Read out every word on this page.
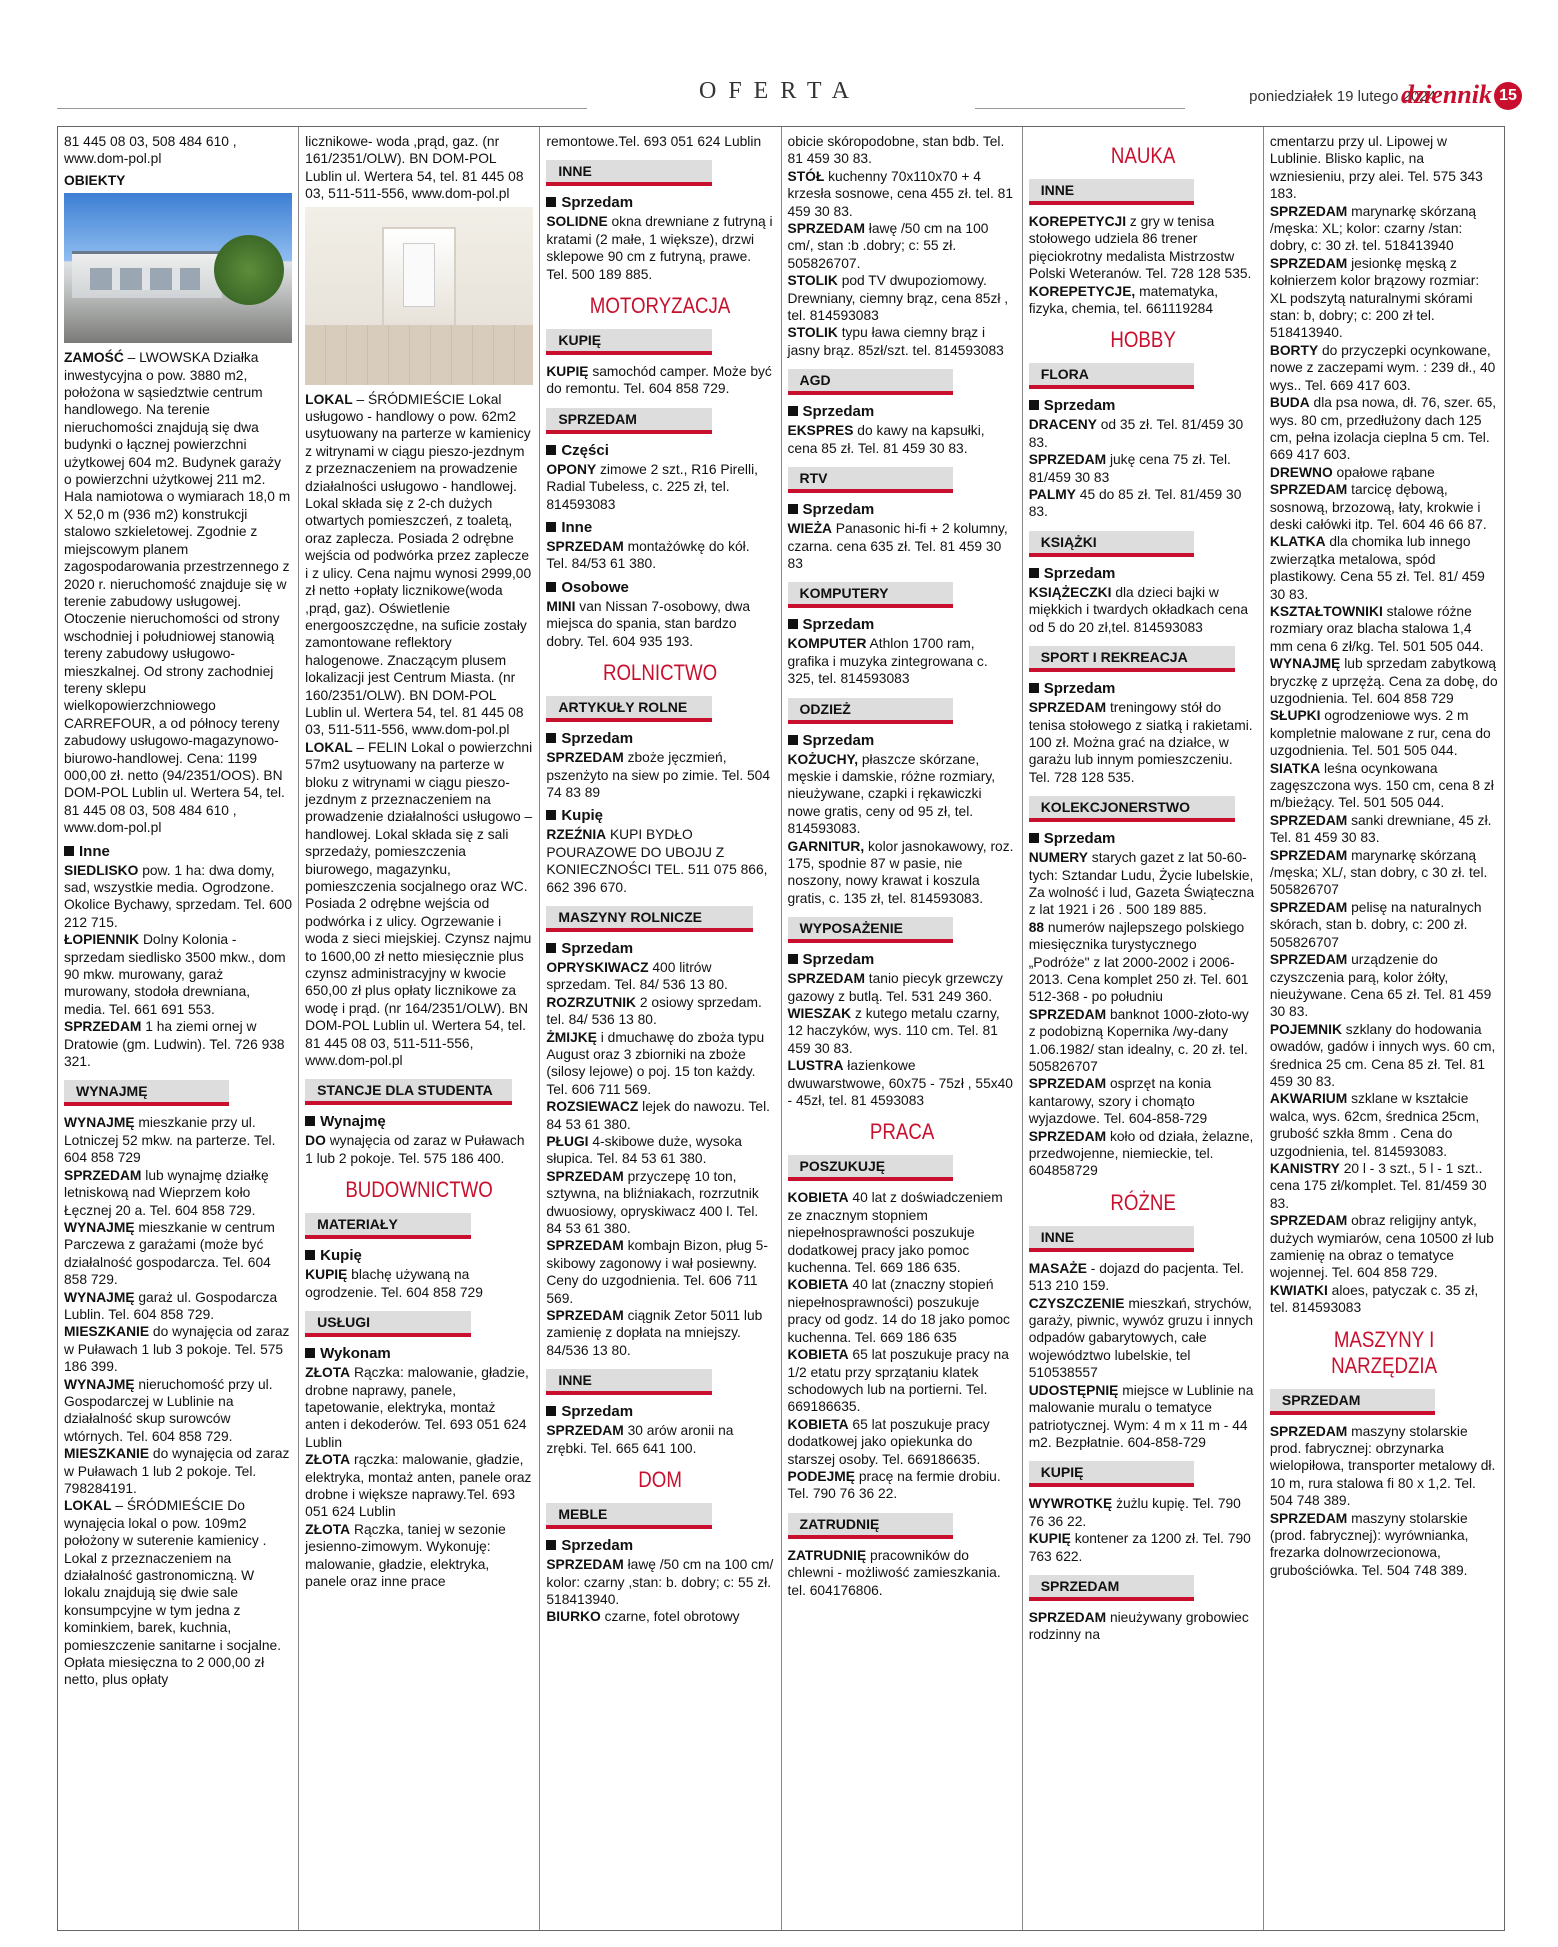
OFERTA	poniedziałek 19 lutego 2024
dziennik 15

81 445 08 03, 508 484 610 , www.dom-pol.pl

OBIEKTY

ZAMOŚĆ – LWOWSKA Działka inwestycyjna o pow. 3880 m2, położona w sąsiedztwie centrum handlowego. Na terenie nieruchomości znajdują się dwa budynki o łącznej powierzchni użytkowej 604 m2. Budynek garaży o powierzchni użytkowej 211 m2. Hala namiotowa o wymiarach 18,0 m X 52,0 m (936 m2) konstrukcji stalowo szkieletowej. Zgodnie z miejscowym planem zagospodarowania przestrzennego z 2020 r. nieruchomość znajduje się w terenie zabudowy usługowej. Otoczenie nieruchomości od strony wschodniej i południowej stanowią tereny zabudowy usługowo-mieszkalnej. Od strony zachodniej tereny sklepu wielkopowierzchniowego CARREFOUR, a od północy tereny zabudowy usługowo-magazynowo-biurowo-handlowej. Cena: 1199 000,00 zł. netto (94/2351/OOS). BN DOM-POL Lublin ul. Wertera 54, tel. 81 445 08 03, 508 484 610 , www.dom-pol.pl

Inne

SIEDLISKO pow. 1 ha: dwa domy, sad, wszystkie media. Ogrodzone. Okolice Bychawy, sprzedam. Tel. 600 212 715.

ŁOPIENNIK Dolny Kolonia - sprzedam siedlisko 3500 mkw., dom 90 mkw. murowany, garaż murowany, stodoła drewniana, media. Tel. 661 691 553.

SPRZEDAM 1 ha ziemi ornej w Dratowie (gm. Ludwin). Tel. 726 938 321.

WYNAJMĘ

WYNAJMĘ mieszkanie przy ul. Lotniczej 52 mkw. na parterze. Tel. 604 858 729

SPRZEDAM lub wynajmę działkę letniskową nad Wieprzem koło Łęcznej 20 a. Tel. 604 858 729.

WYNAJMĘ mieszkanie w centrum Parczewa z garażami (może być działalność gospodarcza. Tel. 604 858 729.

WYNAJMĘ garaż ul. Gospodarcza Lublin. Tel. 604 858 729.

MIESZKANIE do wynajęcia od zaraz w Puławach 1 lub 3 pokoje. Tel. 575 186 399.

WYNAJMĘ nieruchomość przy ul. Gospodarczej w Lublinie na działalność skup surowców wtórnych. Tel. 604 858 729.

MIESZKANIE do wynajęcia od zaraz w Puławach 1 lub 2 pokoje. Tel. 798284191.

LOKAL – ŚRÓDMIEŚCIE Do wynajęcia lokal o pow. 109m2 położony w suterenie kamienicy . Lokal z przeznaczeniem na działalność gastronomiczną. W lokalu znajdują się dwie sale konsumpcyjne w tym jedna z kominkiem, barek, kuchnia, pomieszczenie sanitarne i socjalne. Opłata miesięczna to 2 000,00 zł netto, plus opłaty

licznikowe- woda ,prąd, gaz. (nr 161/2351/OLW). BN DOM-POL Lublin ul. Wertera 54, tel. 81 445 08 03, 511-511-556, www.dom-pol.pl

LOKAL – ŚRÓDMIEŚCIE Lokal usługowo - handlowy o pow. 62m2 usytuowany na parterze w kamienicy z witrynami w ciągu pieszo-jezdnym z przeznaczeniem na prowadzenie działalności usługowo - handlowej. Lokal składa się z 2-ch dużych otwartych pomieszczeń, z toaletą, oraz zaplecza. Posiada 2 odrębne wejścia od podwórka przez zaplecze i z ulicy. Cena najmu wynosi 2999,00 zł netto +opłaty licznikowe(woda ,prąd, gaz). Oświetlenie energooszczędne, na suficie zostały zamontowane reflektory halogenowe. Znaczącym plusem lokalizacji jest Centrum Miasta. (nr 160/2351/OLW). BN DOM-POL Lublin ul. Wertera 54, tel. 81 445 08 03, 511-511-556, www.dom-pol.pl

LOKAL – FELIN Lokal o powierzchni 57m2 usytuowany na parterze w bloku z witrynami w ciągu pieszo-jezdnym z przeznaczeniem na prowadzenie działalności usługowo – handlowej. Lokal składa się z sali sprzedaży, pomieszczenia biurowego, magazynku, pomieszczenia socjalnego oraz WC. Posiada 2 odrębne wejścia od podwórka i z ulicy. Ogrzewanie i woda z sieci miejskiej. Czynsz najmu to 1600,00 zł netto miesięcznie plus czynsz administracyjny w kwocie 650,00 zł plus opłaty licznikowe za wodę i prąd. (nr 164/2351/OLW). BN DOM-POL Lublin ul. Wertera 54, tel. 81 445 08 03, 511-511-556, www.dom-pol.pl

STANCJE DLA STUDENTA
Wynajmę

DO wynajęcia od zaraz w Puławach 1 lub 2 pokoje. Tel. 575 186 400.

BUDOWNICTWO
MATERIAŁY
Kupię

KUPIĘ blachę używaną na ogrodzenie. Tel. 604 858 729

USŁUGI
Wykonam

ZŁOTA Rączka: malowanie, gładzie, drobne naprawy, panele, tapetowanie, elektryka, montaż anten i dekoderów. Tel. 693 051 624 Lublin

ZŁOTA rączka: malowanie, gładzie, elektryka, montaż anten, panele oraz drobne i większe naprawy.Tel. 693 051 624 Lublin

ZŁOTA Rączka, taniej w sezonie jesienno-zimowym. Wykonuję: malowanie, gładzie, elektryka, panele oraz inne prace

remontowe.Tel. 693 051 624 Lublin

INNE
Sprzedam

SOLIDNE okna drewniane z futryną i kratami (2 małe, 1 większe), drzwi sklepowe 90 cm z futryną, prawe. Tel. 500 189 885.

MOTORYZACJA
KUPIĘ

KUPIĘ samochód camper. Może być do remontu. Tel. 604 858 729.

SPRZEDAM
Części

OPONY zimowe 2 szt., R16 Pirelli, Radial Tubeless, c. 225 zł, tel. 814593083

Inne

SPRZEDAM montażówkę do kół. Tel. 84/53 61 380.

Osobowe

MINI van Nissan 7-osobowy, dwa miejsca do spania, stan bardzo dobry. Tel. 604 935 193.

ROLNICTWO
ARTYKUŁY ROLNE
Sprzedam

SPRZEDAM zboże jęczmień, pszenżyto na siew po zimie. Tel. 504 74 83 89

Kupię

RZEŹNIA KUPI BYDŁO POURAZOWE DO UBOJU Z KONIECZNOŚCI TEL. 511 075 866, 662 396 670.

MASZYNY ROLNICZE
Sprzedam

OPRYSKIWACZ 400 litrów sprzedam. Tel. 84/ 536 13 80.

ROZRZUTNIK 2 osiowy sprzedam. tel. 84/ 536 13 80.

ŻMIJKĘ i dmuchawę do zboża typu August oraz 3 zbiorniki na zboże (silosy lejowe) o poj. 15 ton każdy. Tel. 606 711 569.

ROZSIEWACZ lejek do nawozu. Tel. 84 53 61 380.

PŁUGI 4-skibowe duże, wysoka słupica. Tel. 84 53 61 380.

SPRZEDAM przyczepę 10 ton, sztywna, na bliźniakach, rozrzutnik dwuosiowy, opryskiwacz 400 l. Tel. 84 53 61 380.

SPRZEDAM kombajn Bizon, pług 5-skibowy zagonowy i wał posiewny. Ceny do uzgodnienia. Tel. 606 711 569.

SPRZEDAM ciągnik Zetor 5011 lub zamienię z dopłata na mniejszy. 84/536 13 80.

INNE
Sprzedam

SPRZEDAM 30 arów aronii na zrębki. Tel. 665 641 100.

DOM
MEBLE
Sprzedam

SPRZEDAM ławę /50 cm na 100 cm/ kolor: czarny ,stan: b. dobry; c: 55 zł. 518413940.

BIURKO czarne, fotel obrotowy

obicie skóropodobne, stan bdb. Tel. 81 459 30 83.

STÓŁ kuchenny 70x110x70 + 4 krzesła sosnowe, cena 455 zł. tel. 81 459 30 83.

SPRZEDAM ławę /50 cm na 100 cm/, stan :b .dobry; c: 55 zł. 505826707.

STOLIK pod TV dwupoziomowy. Drewniany, ciemny brąz, cena 85zł , tel. 814593083

STOLIK typu ława ciemny brąz i jasny brąz. 85zł/szt. tel. 814593083

AGD
Sprzedam

EKSPRES do kawy na kapsułki, cena 85 zł. Tel. 81 459 30 83.

RTV
Sprzedam

WIEŻA Panasonic hi-fi + 2 kolumny, czarna. cena 635 zł. Tel. 81 459 30 83

KOMPUTERY
Sprzedam

KOMPUTER Athlon 1700 ram, grafika i muzyka zintegrowana c. 325, tel. 814593083

ODZIEŻ
Sprzedam

KOŻUCHY, płaszcze skórzane, męskie i damskie, różne rozmiary, nieużywane, czapki i rękawiczki nowe gratis, ceny od 95 zł, tel. 814593083.

GARNITUR, kolor jasnokawowy, roz. 175, spodnie 87 w pasie, nie noszony, nowy krawat i koszula gratis, c. 135 zł, tel. 814593083.

WYPOSAŻENIE
Sprzedam

SPRZEDAM tanio piecyk grzewczy gazowy z butlą. Tel. 531 249 360.

WIESZAK z kutego metalu czarny, 12 haczyków, wys. 110 cm. Tel. 81 459 30 83.

LUSTRA łazienkowe dwuwarstwowe, 60x75 - 75zł , 55x40 - 45zł, tel. 81 4593083

PRACA
POSZUKUJĘ

KOBIETA 40 lat z doświadczeniem ze znacznym stopniem niepełnosprawności poszukuje dodatkowej pracy jako pomoc kuchenna. Tel. 669 186 635.

KOBIETA 40 lat (znaczny stopień niepełnosprawności) poszukuje pracy od godz. 14 do 18 jako pomoc kuchenna. Tel. 669 186 635

KOBIETA 65 lat poszukuje pracy na 1/2 etatu przy sprzątaniu klatek schodowych lub na portierni. Tel. 669186635.

KOBIETA 65 lat poszukuje pracy dodatkowej jako opiekunka do starszej osoby. Tel. 669186635.

PODEJMĘ pracę na fermie drobiu. Tel. 790 76 36 22.

ZATRUDNIĘ

ZATRUDNIĘ pracowników do chlewni - możliwość zamieszkania. tel. 604176806.

NAUKA
INNE

KOREPETYCJI z gry w tenisa stołowego udziela 86 trener pięciokrotny medalista Mistrzostw Polski Weteranów. Tel. 728 128 535.

KOREPETYCJE, matematyka, fizyka, chemia, tel. 661119284

HOBBY
FLORA
Sprzedam

DRACENY od 35 zł. Tel. 81/459 30 83.

SPRZEDAM jukę cena 75 zł. Tel. 81/459 30 83

PALMY 45 do 85 zł. Tel. 81/459 30 83.

KSIĄŻKI
Sprzedam

KSIĄŻECZKI dla dzieci bajki w miękkich i twardych okładkach cena od 5 do 20 zł,tel. 814593083

SPORT I REKREACJA
Sprzedam

SPRZEDAM treningowy stół do tenisa stołowego z siatką i rakietami. 100 zł. Można grać na działce, w garażu lub innym pomieszczeniu. Tel. 728 128 535.

KOLEKCJONERSTWO
Sprzedam

NUMERY starych gazet z lat 50-60-tych: Sztandar Ludu, Życie lubelskie, Za wolność i lud, Gazeta Świąteczna z lat 1921 i 26 . 500 189 885.

88 numerów najlepszego polskiego miesięcznika turystycznego „Podróże" z lat 2000-2002 i 2006-2013. Cena komplet 250 zł. Tel. 601 512-368 - po południu

SPRZEDAM banknot 1000-złoto-wy z podobizną Kopernika /wy-dany 1.06.1982/ stan idealny, c. 20 zł. tel. 505826707

SPRZEDAM osprzęt na konia kantarowy, szory i chomąto wyjazdowe. Tel. 604-858-729

SPRZEDAM koło od działa, żelazne, przedwojenne, niemieckie, tel. 604858729

RÓŻNE
INNE

MASAŻE - dojazd do pacjenta. Tel. 513 210 159.

CZYSZCZENIE mieszkań, strychów, garaży, piwnic, wywóz gruzu i innych odpadów gabarytowych, całe województwo lubelskie, tel 510538557

UDOSTĘPNIĘ miejsce w Lublinie na malowanie muralu o tematyce patriotycznej. Wym: 4 m x 11 m - 44 m2. Bezpłatnie. 604-858-729

KUPIĘ

WYWROTKĘ żużlu kupię. Tel. 790 76 36 22.

KUPIĘ kontener za 1200 zł. Tel. 790 763 622.

SPRZEDAM

SPRZEDAM nieużywany grobowiec rodzinny na

cmentarzu przy ul. Lipowej w Lublinie. Blisko kaplic, na wzniesieniu, przy alei. Tel. 575 343 183.

SPRZEDAM marynarkę skórzaną /męska: XL; kolor: czarny /stan: dobry, c: 30 zł. tel. 518413940

SPRZEDAM jesionkę męską z kołnierzem kolor brązowy rozmiar: XL podszytą naturalnymi skórami stan: b, dobry; c: 200 zł tel. 518413940.

BORTY do przyczepki ocynkowane, nowe z zaczepami wym. : 239 dł., 40 wys.. Tel. 669 417 603.

BUDA dla psa nowa, dł. 76, szer. 65, wys. 80 cm, przedłużony dach 125 cm, pełna izolacja cieplna 5 cm. Tel. 669 417 603.

DREWNO opałowe rąbane

SPRZEDAM tarcicę dębową, sosnową, brzozową, łaty, krokwie i deski całówki itp. Tel. 604 46 66 87.

KLATKA dla chomika lub innego zwierzątka metalowa, spód plastikowy. Cena 55 zł. Tel. 81/ 459 30 83.

KSZTAŁTOWNIKI stalowe różne rozmiary oraz blacha stalowa 1,4 mm cena 6 zł/kg. Tel. 501 505 044.

WYNAJMĘ lub sprzedam zabytkową bryczkę z uprzężą. Cena za dobę, do uzgodnienia. Tel. 604 858 729

SŁUPKI ogrodzeniowe wys. 2 m kompletnie malowane z rur, cena do uzgodnienia. Tel. 501 505 044.

SIATKA leśna ocynkowana zagęszczona wys. 150 cm, cena 8 zł m/bieżący. Tel. 501 505 044.

SPRZEDAM sanki drewniane, 45 zł. Tel. 81 459 30 83.

SPRZEDAM marynarkę skórzaną /męska; XL/, stan dobry, c 30 zł. tel. 505826707

SPRZEDAM pelisę na naturalnych skórach, stan b. dobry, c: 200 zł. 505826707

SPRZEDAM urządzenie do czyszczenia parą, kolor żółty, nieużywane. Cena 65 zł. Tel. 81 459 30 83.

POJEMNIK szklany do hodowania owadów, gadów i innych wys. 60 cm, średnica 25 cm. Cena 85 zł. Tel. 81 459 30 83.

AKWARIUM szklane w kształcie walca, wys. 62cm, średnica 25cm, grubość szkła 8mm . Cena do uzgodnienia, tel. 814593083.

KANISTRY 20 l - 3 szt., 5 l - 1 szt.. cena 175 zł/komplet. Tel. 81/459 30 83.

SPRZEDAM obraz religijny antyk, dużych wymiarów, cena 10500 zł lub zamienię na obraz o tematyce wojennej. Tel. 604 858 729.

KWIATKI aloes, patyczak c. 35 zł, tel. 814593083

MASZYNY I NARZĘDZIA
SPRZEDAM

SPRZEDAM maszyny stolarskie prod. fabrycznej: obrzynarka wielopiłowa, transporter metalowy dł. 10 m, rura stalowa fi 80 x 1,2. Tel. 504 748 389.

SPRZEDAM maszyny stolarskie (prod. fabrycznej): wyrównianka, frezarka dolnowrzecionowa, grubościówka. Tel. 504 748 389.
